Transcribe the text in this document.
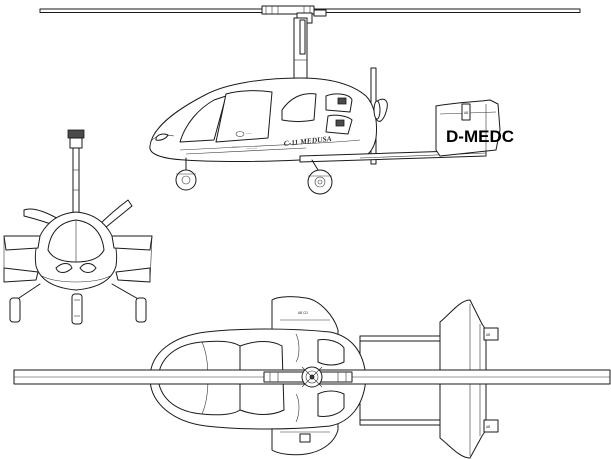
C-11 MEDUSA
~~~
~~~~~~
~~~~
AB
D-MEDC
AB CD
AB
AB
